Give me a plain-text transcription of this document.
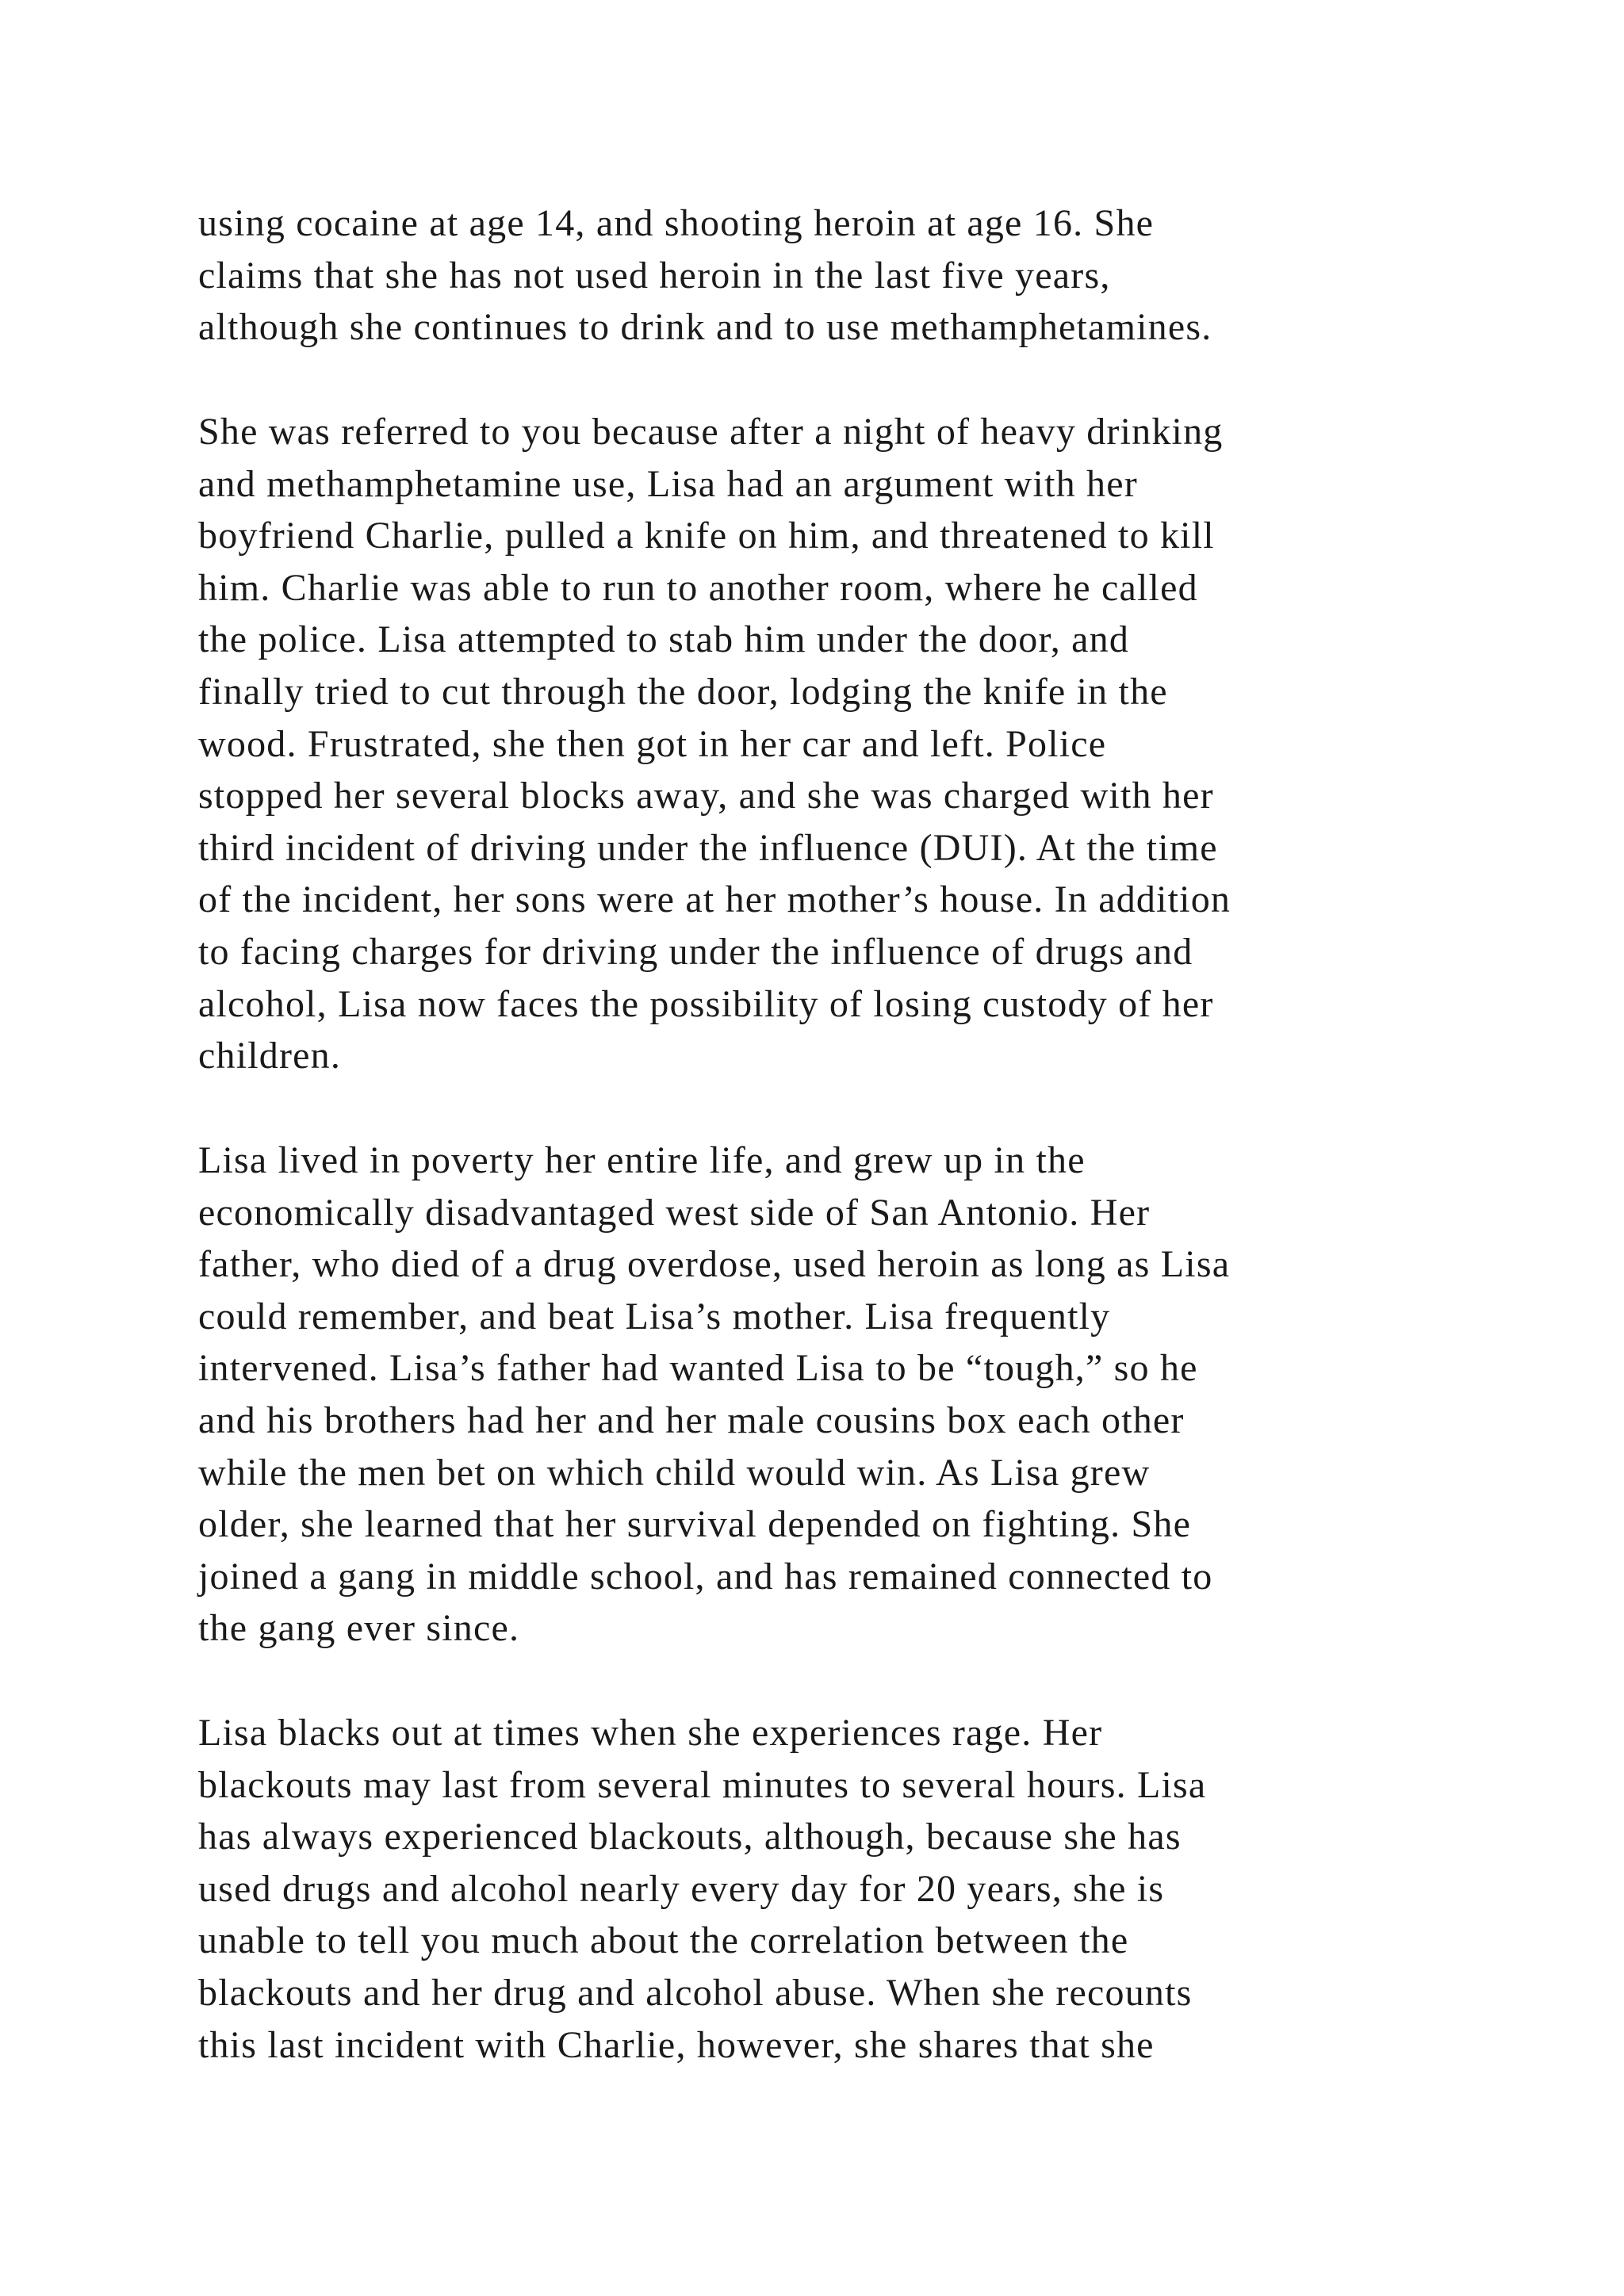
using cocaine at age 14, and shooting heroin at age 16. She
claims that she has not used heroin in the last five years,
although she continues to drink and to use methamphetamines.
She was referred to you because after a night of heavy drinking
and methamphetamine use, Lisa had an argument with her
boyfriend Charlie, pulled a knife on him, and threatened to kill
him. Charlie was able to run to another room, where he called
the police. Lisa attempted to stab him under the door, and
finally tried to cut through the door, lodging the knife in the
wood. Frustrated, she then got in her car and left. Police
stopped her several blocks away, and she was charged with her
third incident of driving under the influence (DUI). At the time
of the incident, her sons were at her mother’s house. In addition
to facing charges for driving under the influence of drugs and
alcohol, Lisa now faces the possibility of losing custody of her
children.
Lisa lived in poverty her entire life, and grew up in the
economically disadvantaged west side of San Antonio. Her
father, who died of a drug overdose, used heroin as long as Lisa
could remember, and beat Lisa’s mother. Lisa frequently
intervened. Lisa’s father had wanted Lisa to be “tough,” so he
and his brothers had her and her male cousins box each other
while the men bet on which child would win. As Lisa grew
older, she learned that her survival depended on fighting. She
joined a gang in middle school, and has remained connected to
the gang ever since.
Lisa blacks out at times when she experiences rage. Her
blackouts may last from several minutes to several hours. Lisa
has always experienced blackouts, although, because she has
used drugs and alcohol nearly every day for 20 years, she is
unable to tell you much about the correlation between the
blackouts and her drug and alcohol abuse. When she recounts
this last incident with Charlie, however, she shares that she
